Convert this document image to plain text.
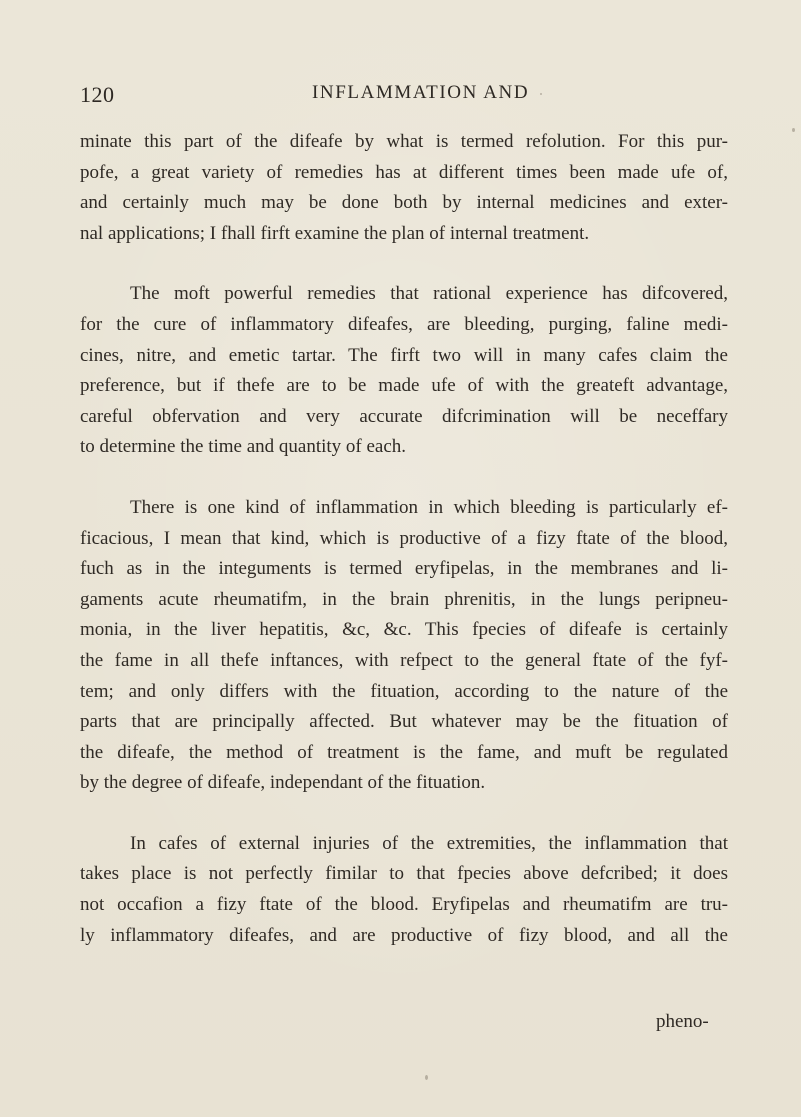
120	INFLAMMATION AND

minate this part of the difeafe by what is termed refolution. For this pur-
pofe, a great variety of remedies has at different times been made ufe of,
and certainly much may be done both by internal medicines and exter-
nal applications; I fhall firft examine the plan of internal treatment.

The moft powerful remedies that rational experience has difcovered,
for the cure of inflammatory difeafes, are bleeding, purging, faline medi-
cines, nitre, and emetic tartar. The firft two will in many cafes claim the
preference, but if thefe are to be made ufe of with the greateft advantage,
careful obfervation and very accurate difcrimination will be neceffary
to determine the time and quantity of each.

There is one kind of inflammation in which bleeding is particularly ef-
ficacious, I mean that kind, which is productive of a fizy ftate of the blood,
fuch as in the integuments is termed eryfipelas, in the membranes and li-
gaments acute rheumatifm, in the brain phrenitis, in the lungs peripneu-
monia, in the liver hepatitis, &c, &c. This fpecies of difeafe is certainly
the fame in all thefe inftances, with refpect to the general ftate of the fyf-
tem; and only differs with the fituation, according to the nature of the
parts that are principally affected. But whatever may be the fituation of
the difeafe, the method of treatment is the fame, and muft be regulated
by the degree of difeafe, independant of the fituation.

In cafes of external injuries of the extremities, the inflammation that
takes place is not perfectly fimilar to that fpecies above defcribed; it does
not occafion a fizy ftate of the blood. Eryfipelas and rheumatifm are tru-
ly inflammatory difeafes, and are productive of fizy blood, and all the

pheno-
